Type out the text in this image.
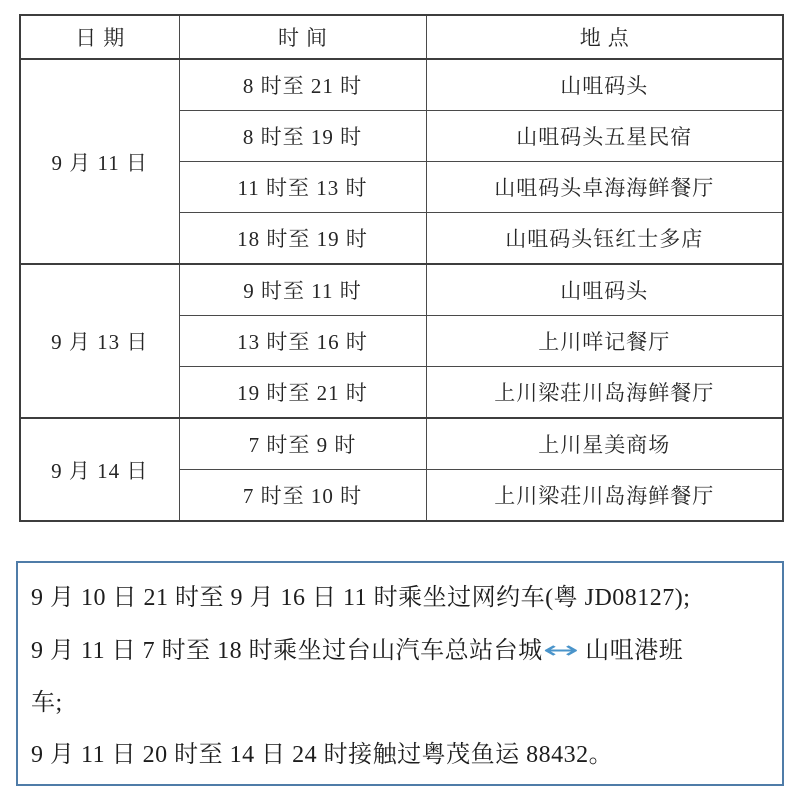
日期	时间	地点
9 月 11 日	8 时至 21 时	山咀码头
	8 时至 19 时	山咀码头五星民宿
	11 时至 13 时	山咀码头卓海海鲜餐厅
	18 时至 19 时	山咀码头钰红士多店
9 月 13 日	9 时至 11 时	山咀码头
	13 时至 16 时	上川咩记餐厅
	19 时至 21 时	上川梁荘川岛海鲜餐厅
9 月 14 日	7 时至 9 时	上川星美商场
	7 时至 10 时	上川梁荘川岛海鲜餐厅

9 月 10 日 21 时至 9 月 16 日 11 时乘坐过网约车(粤 JD08127);

9 月 11 日 7 时至 18 时乘坐过台山汽车总站台城↔ 山咀港班
车;

9 月 11 日 20 时至 14 日 24 时接触过粤茂鱼运 88432。
